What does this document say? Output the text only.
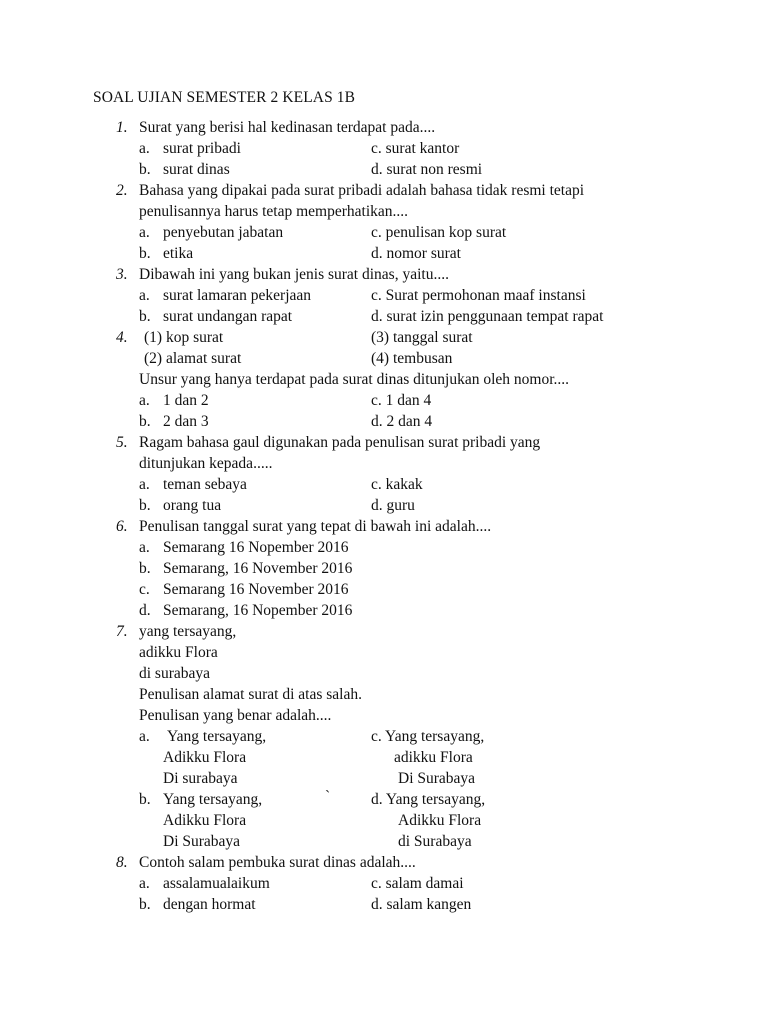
SOAL UJIAN SEMESTER 2 KELAS 1B
1. Surat yang berisi hal kedinasan terdapat pada....
a. surat pribadi	c. surat kantor
b. surat dinas	d. surat non resmi
2. Bahasa yang dipakai pada surat pribadi adalah bahasa tidak resmi tetapi
penulisannya harus tetap memperhatikan....
a. penyebutan jabatan	c. penulisan kop surat
b. etika	d. nomor surat
3. Dibawah ini yang bukan jenis surat dinas, yaitu....
a. surat lamaran pekerjaan	c. Surat permohonan maaf instansi
b. surat undangan rapat	d. surat izin penggunaan tempat rapat
4. (1) kop surat	(3) tanggal surat
(2) alamat surat	(4) tembusan
Unsur yang hanya terdapat pada surat dinas ditunjukan oleh nomor....
a. 1 dan 2	c. 1 dan 4
b. 2 dan 3	d. 2 dan 4
5. Ragam bahasa gaul digunakan pada penulisan surat pribadi yang
ditunjukan kepada.....
a. teman sebaya	c. kakak
b. orang tua	d. guru
6. Penulisan tanggal surat yang tepat di bawah ini adalah....
a. Semarang 16 Nopember 2016
b. Semarang, 16 November 2016
c. Semarang 16 November 2016
d. Semarang, 16 Nopember 2016
7. yang tersayang,
adikku Flora
di surabaya
Penulisan alamat surat di atas salah.
Penulisan yang benar adalah....
a. Yang tersayang,	c. Yang tersayang,
Adikku Flora	adikku Flora
Di surabaya	Di Surabaya
b. Yang tersayang,	`	d. Yang tersayang,
Adikku Flora	Adikku Flora
Di Surabaya	di Surabaya
8. Contoh salam pembuka surat dinas adalah....
a. assalamualaikum	c. salam damai
b. dengan hormat	d. salam kangen
